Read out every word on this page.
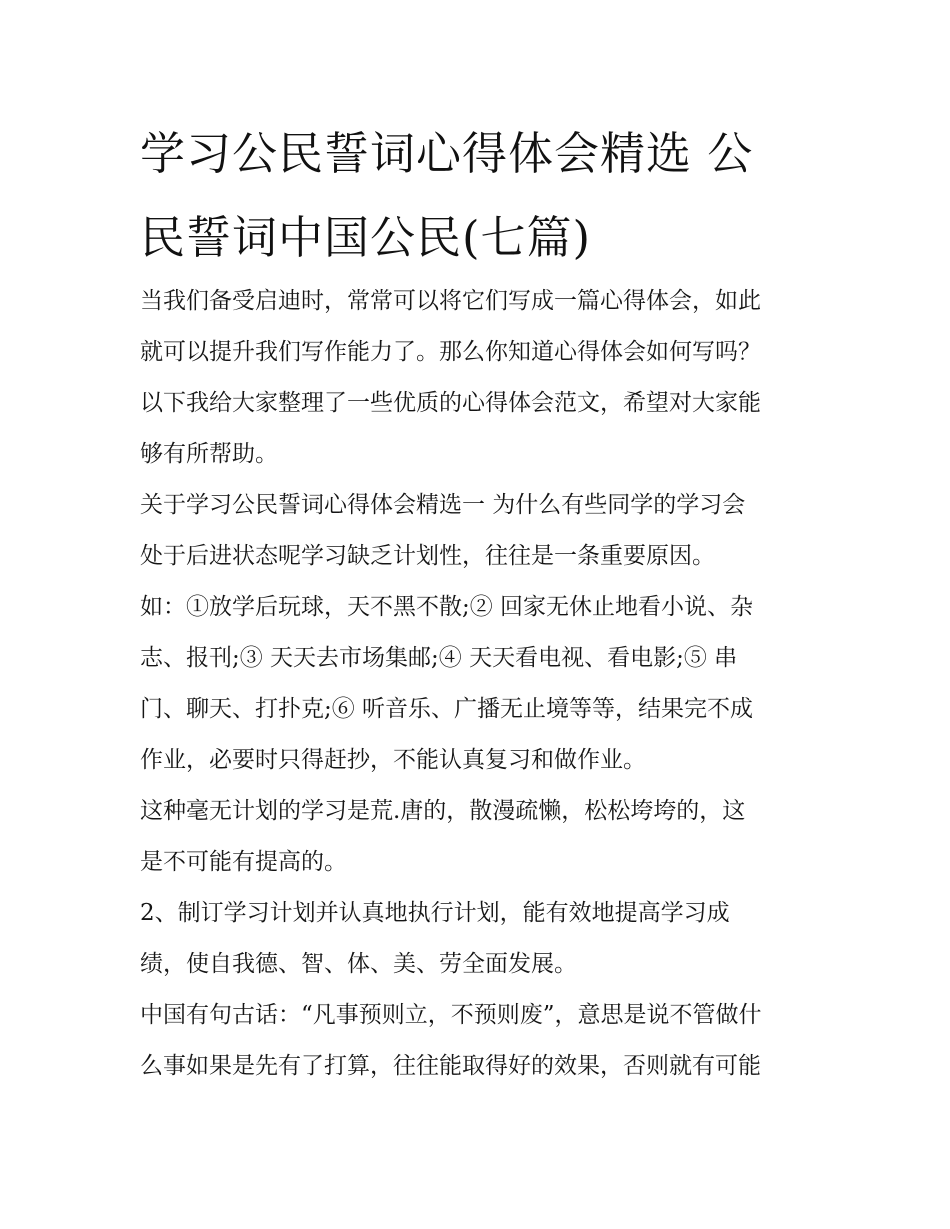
学习公民誓词心得体会精选 公
民誓词中国公民(七篇)

当我们备受启迪时，常常可以将它们写成一篇心得体会，如此

就可以提升我们写作能力了。那么你知道心得体会如何写吗？

以下我给大家整理了一些优质的心得体会范文，希望对大家能

够有所帮助。

关于学习公民誓词心得体会精选一 为什么有些同学的学习会

处于后进状态呢学习缺乏计划性，往往是一条重要原因。

如：①放学后玩球，天不黑不散;② 回家无休止地看小说、杂

志、报刊;③ 天天去市场集邮;④ 天天看电视、看电影;⑤ 串

门、聊天、打扑克;⑥ 听音乐、广播无止境等等，结果完不成

作业，必要时只得赶抄，不能认真复习和做作业。

这种毫无计划的学习是荒.唐的，散漫疏懒，松松垮垮的，这

是不可能有提高的。

2、制订学习计划并认真地执行计划，能有效地提高学习成

绩，使自我德、智、体、美、劳全面发展。

中国有句古话：“凡事预则立，不预则废”，意思是说不管做什

么事如果是先有了打算，往往能取得好的效果，否则就有可能
